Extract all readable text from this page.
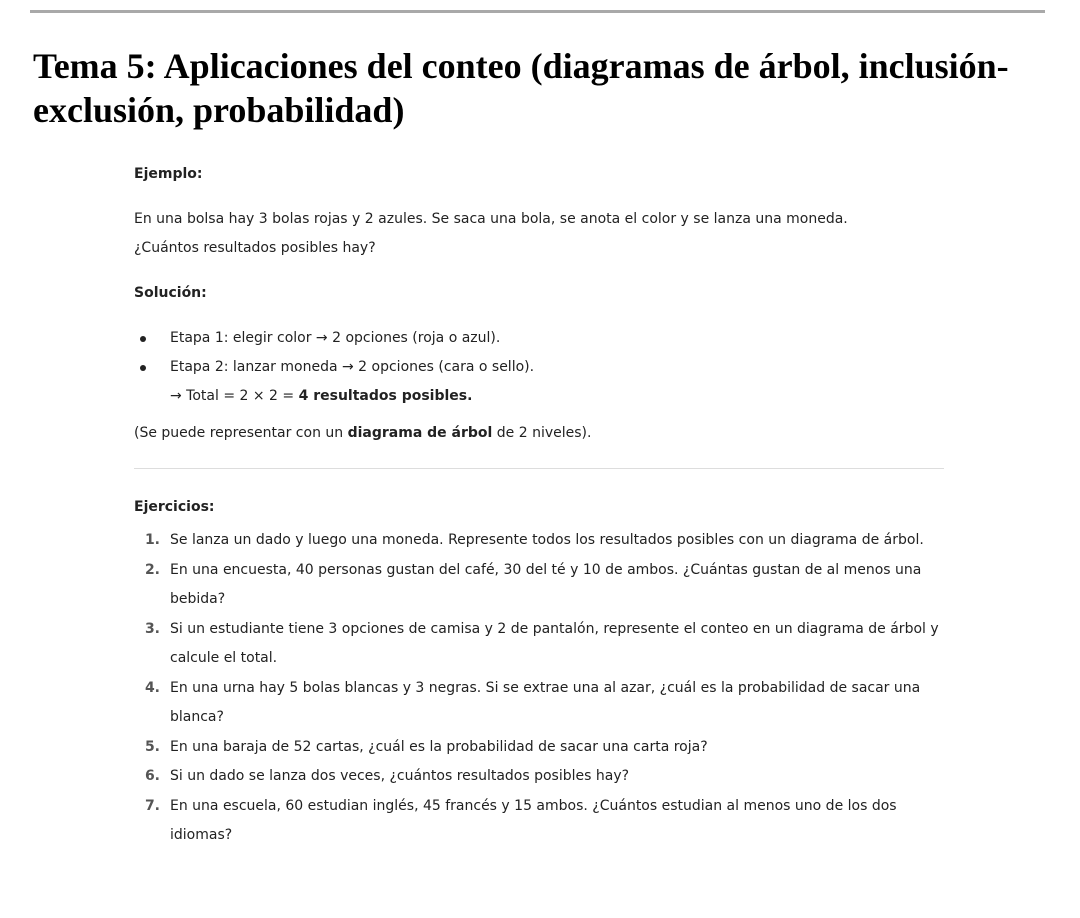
Tema 5: Aplicaciones del conteo (diagramas de árbol, inclusión-exclusión, probabilidad)

Ejemplo:

En una bolsa hay 3 bolas rojas y 2 azules. Se saca una bola, se anota el color y se lanza una moneda.

¿Cuántos resultados posibles hay?

Solución:

Etapa 1: elegir color → 2 opciones (roja o azul).
Etapa 2: lanzar moneda → 2 opciones (cara o sello).

→ Total = 2 × 2 = 4 resultados posibles.

(Se puede representar con un diagrama de árbol de 2 niveles).

Ejercicios:

1. Se lanza un dado y luego una moneda. Represente todos los resultados posibles con un diagrama de árbol.
2. En una encuesta, 40 personas gustan del café, 30 del té y 10 de ambos. ¿Cuántas gustan de al menos una bebida?
3. Si un estudiante tiene 3 opciones de camisa y 2 de pantalón, represente el conteo en un diagrama de árbol y calcule el total.
4. En una urna hay 5 bolas blancas y 3 negras. Si se extrae una al azar, ¿cuál es la probabilidad de sacar una blanca?
5. En una baraja de 52 cartas, ¿cuál es la probabilidad de sacar una carta roja?
6. Si un dado se lanza dos veces, ¿cuántos resultados posibles hay?
7. En una escuela, 60 estudian inglés, 45 francés y 15 ambos. ¿Cuántos estudian al menos uno de los dos idiomas?
